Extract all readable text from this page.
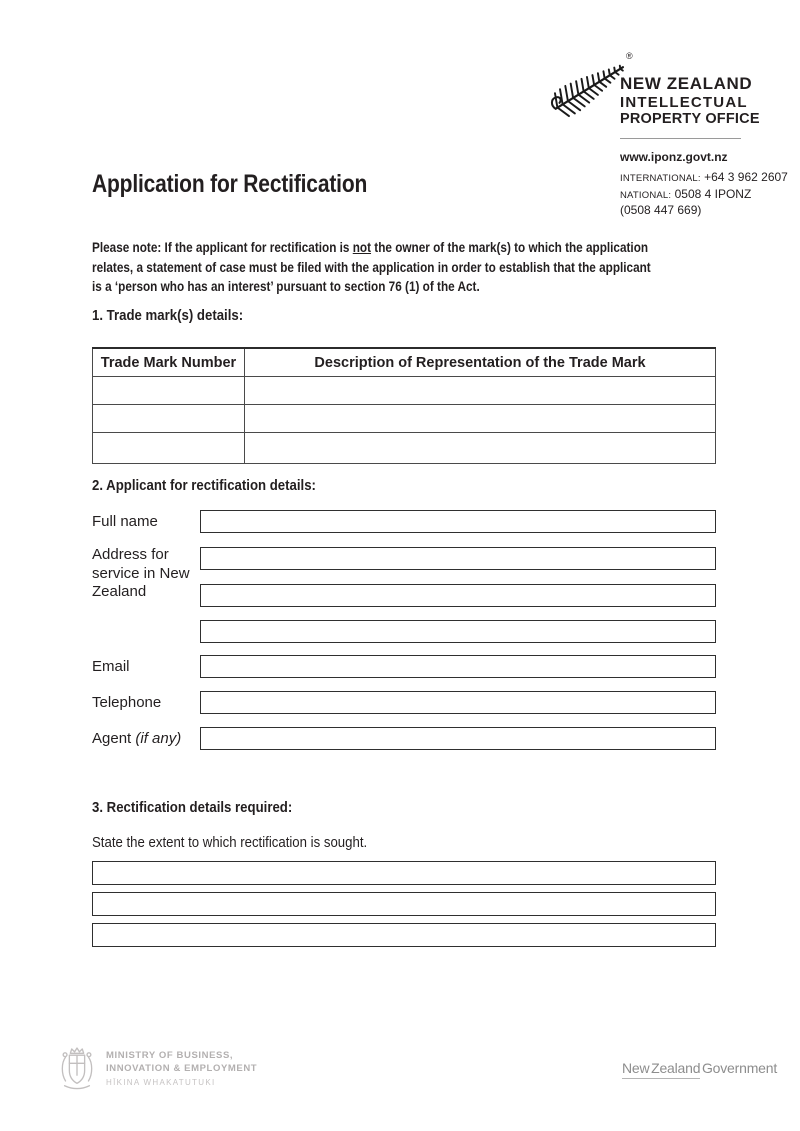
®
NEW ZEALAND
INTELLECTUAL
PROPERTY OFFICE
www.iponz.govt.nz
INTERNATIONAL: +64 3 962 2607
NATIONAL: 0508 4 IPONZ
(0508 447 669)
Application for Rectification
Please note: If the applicant for rectification is not the owner of the mark(s) to which the application
relates, a statement of case must be filed with the application in order to establish that the applicant
is a ‘person who has an interest’ pursuant to section 76 (1) of the Act.
1. Trade mark(s) details:
Trade Mark Number	Description of Representation of the Trade Mark

2. Applicant for rectification details:
Full name
Address for service in New Zealand
Email
Telephone
Agent (if any)
3. Rectification details required:
State the extent to which rectification is sought.
MINISTRY OF BUSINESS,
INNOVATION & EMPLOYMENT
HĪKINA WHAKATUTUKI
New Zealand Government
